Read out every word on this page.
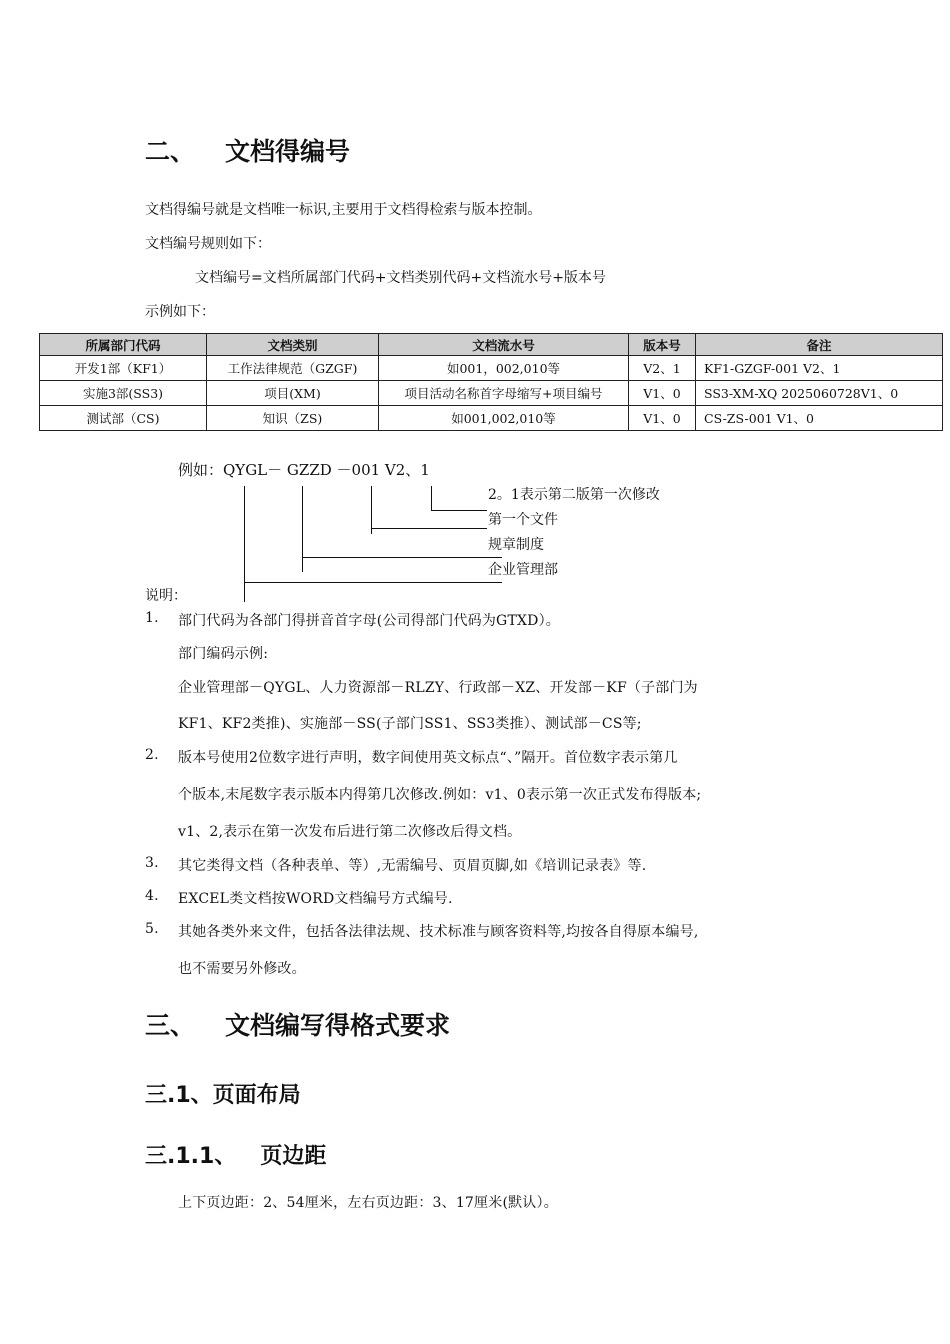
二、 文档得编号
文档得编号就是文档唯一标识,主要用于文档得检索与版本控制。
文档编号规则如下：
文档编号=文档所属部门代码+文档类别代码+文档流水号+版本号
示例如下：
所属部门代码	文档类别	文档流水号	版本号	备注
开发1部（KF1）	工作法律规范（GZGF)	如001，002,010等	V2、1	KF1-GZGF-001 V2、1
实施3部(SS3)	项目(XM)	项目活动名称首字母缩写+项目编号	V1、0	SS3-XM-XQ 2025060728V1、0
测试部（CS)	知识（ZS)	如001,002,010等	V1、0	CS-ZS-001 V1、0
例如：QYGL－ GZZD －001 V2、1
2。1表示第二版第一次修改
第一个文件
规章制度
企业管理部
说明：
1. 部门代码为各部门得拼音首字母(公司得部门代码为GTXD）。
部门编码示例:
企业管理部－QYGL、人力资源部－RLZY、行政部－XZ、开发部－KF（子部门为
KF1、KF2类推)、实施部－SS(子部门SS1、SS3类推）、测试部－CS等;
2. 版本号使用2位数字进行声明，数字间使用英文标点“、”隔开。首位数字表示第几
个版本,末尾数字表示版本内得第几次修改.例如：v1、0表示第一次正式发布得版本;
v1、2,表示在第一次发布后进行第二次修改后得文档。
3. 其它类得文档（各种表单、等）,无需编号、页眉页脚,如《培训记录表》等.
4. EXCEL类文档按WORD文档编号方式编号.
5. 其她各类外来文件，包括各法律法规、技术标准与顾客资料等,均按各自得原本编号,
也不需要另外修改。
三、 文档编写得格式要求
三.1、页面布局
三.1.1、 页边距
上下页边距：2、54厘米，左右页边距：3、17厘米(默认）。
